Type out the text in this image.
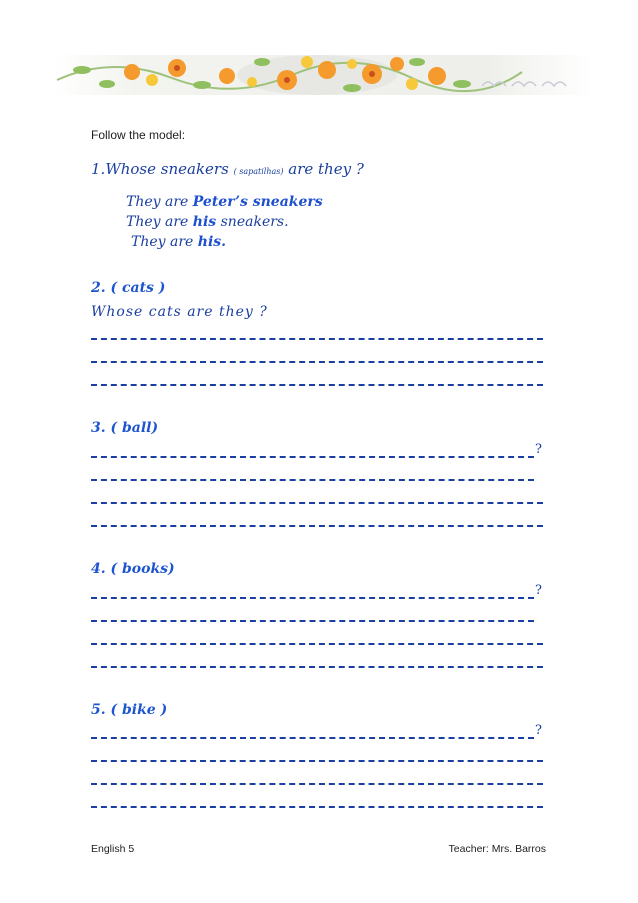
Follow the model:
1.Whose sneakers ( sapatilhas) are they ?
They are Peter’s sneakers
They are his sneakers.
They are his.
2. ( cats )
Whose cats are they ?
3. ( ball)
?
4. ( books)
?
5. ( bike )
?
English 5	Teacher: Mrs. Barros
